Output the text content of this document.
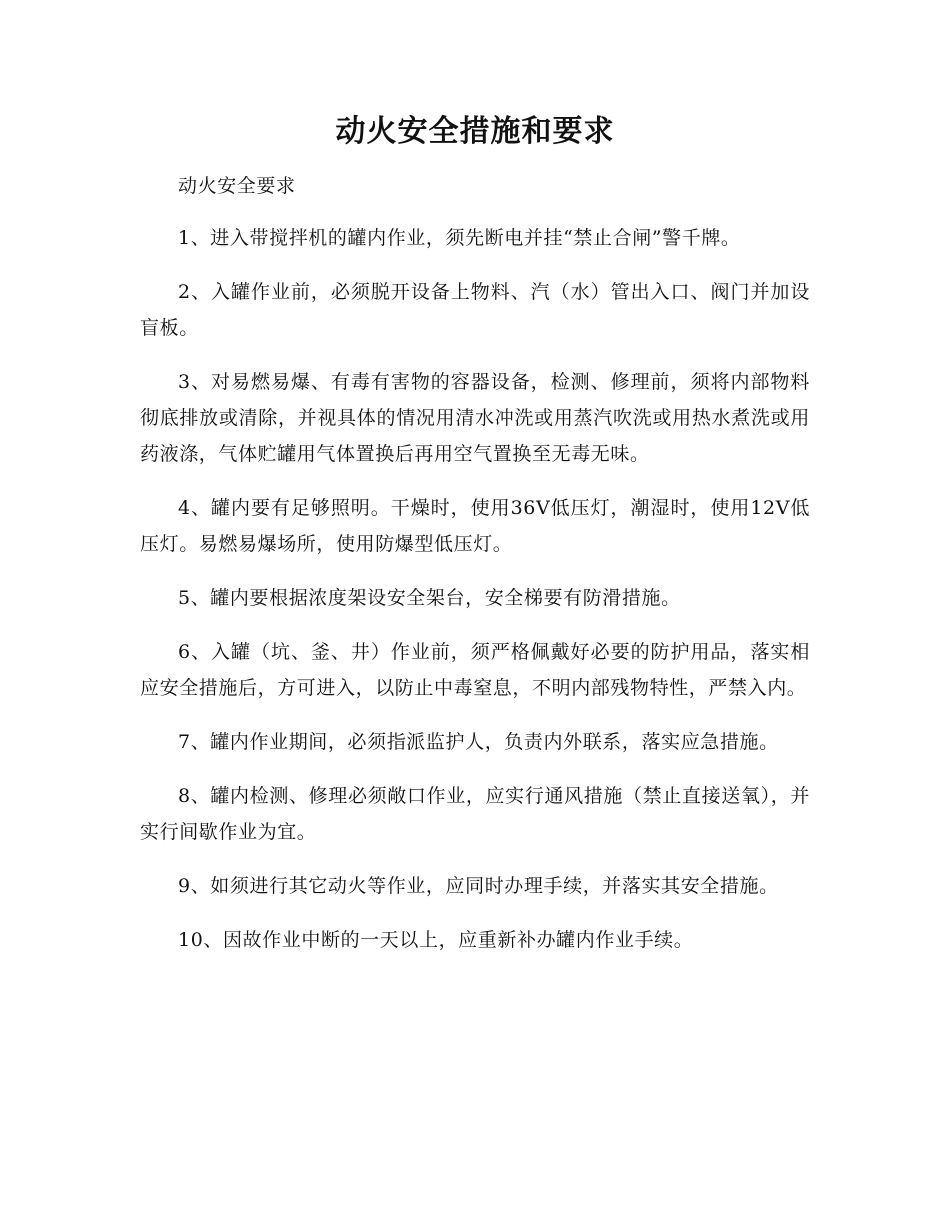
动火安全措施和要求

动火安全要求

1、进入带搅拌机的罐内作业，须先断电并挂“禁止合闸”警千牌。

2、入罐作业前，必须脱开设备上物料、汽（水）管出入口、阀门并加设盲板。

3、对易燃易爆、有毒有害物的容器设备，检测、修理前，须将内部物料彻底排放或清除，并视具体的情况用清水冲洗或用蒸汽吹洗或用热水煮洗或用药液涤，气体贮罐用气体置换后再用空气置换至无毒无味。

4、罐内要有足够照明。干燥时，使用36V低压灯，潮湿时，使用12V低压灯。易燃易爆场所，使用防爆型低压灯。

5、罐内要根据浓度架设安全架台，安全梯要有防滑措施。

6、入罐（坑、釜、井）作业前，须严格佩戴好必要的防护用品，落实相应安全措施后，方可进入，以防止中毒窒息，不明内部残物特性，严禁入内。

7、罐内作业期间，必须指派监护人，负责内外联系，落实应急措施。

8、罐内检测、修理必须敞口作业，应实行通风措施（禁止直接送氧），并实行间歇作业为宜。

9、如须进行其它动火等作业，应同时办理手续，并落实其安全措施。

10、因故作业中断的一天以上，应重新补办罐内作业手续。
